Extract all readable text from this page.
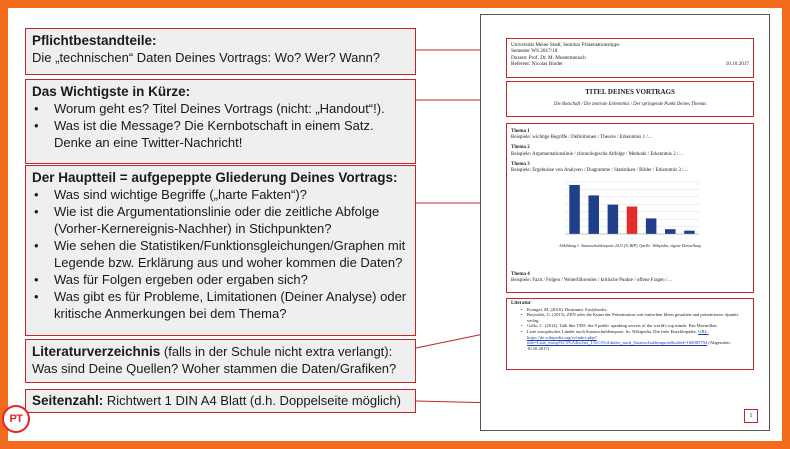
Pflichtbestandteile:
Die „technischen“ Daten Deines Vortrags: Wo? Wer? Wann?
Das Wichtigste in Kürze:
• Worum geht es? Titel Deines Vortrags (nicht: „Handout“!).
• Was ist die Message? Die Kernbotschaft in einem Satz. Denke an eine Twitter-Nachricht!
Der Hauptteil = aufgepeppte Gliederung Deines Vortrags:
• Was sind wichtige Begriffe („harte Fakten“)?
• Wie ist die Argumentationslinie oder die zeitliche Abfolge (Vorher-Kernereignis-Nachher) in Stichpunkten?
• Wie sehen die Statistiken/Funktionsgleichungen/Graphen mit Legende bzw. Erklärung aus und woher kommen die Daten?
• Was für Folgen ergeben oder ergaben sich?
• Was gibt es für Probleme, Limitationen (Deiner Analyse) oder kritische Anmerkungen bei dem Thema?
Literaturverzeichnis (falls in der Schule nicht extra verlangt):
Was sind Deine Quellen? Woher stammen die Daten/Grafiken?
Seitenzahl: Richtwert 1 DIN A4 Blatt (d.h. Doppelseite möglich)
Universität Meine Stadt, Seminar Präsentationstipps
Semester WS 2017/18
Dozent: Prof. Dr. M. Mustermensch
Referent: Nicolas Binder	10.10.2017
TITEL DEINES VORTRAGS
Die Botschaft / Die zentrale Erkenntnis / Der springende Punkt Deines Themas
Thema 1
Beispiele: wichtige Begriffe / Definitionen / Theorie / Erkenntnis 1 /…
Thema 2
Beispiele: Argumentationslinie / chronologische Abfolge / Methode / Erkenntnis 2 /…
Thema 3
Beispiele: Ergebnisse von Analysen / Diagramme / Statistiken / Bilder / Erkenntnis 3 /…
Abbildung 1: Staatsschuldenquote 2013 (% BIP), Quelle: Wikipedia, eigene Darstellung
Thema 4
Beispiele: Fazit / Folgen / Weiterführendes / kritische Punkte / offene Fragen /…
Literatur
• Krengel, M. (2016). Bestimmt. Eastybooks.
• Reynolds, G. (2013). ZEN oder die Kunst der Präsentation: mit einfachen Ideen gestalten und präsentieren. dpunkt. verlag.
• Gallo, C. (2014). Talk like TED: the 9 public speaking secrets of the world's top minds. Pan Macmillan.
• Liste europäischer Länder nach Staatsschuldenquote. In: Wikipedia, Die freie Enzyklopädie. URL: https://de.wikipedia.org/w/index.php?title=Liste_europ%C3%A4ischer_L%C3%A4nder_nach_Staatsschuldenquote&oldid=168005794 (Abgerufen: 10.10.2017)
1
PT
